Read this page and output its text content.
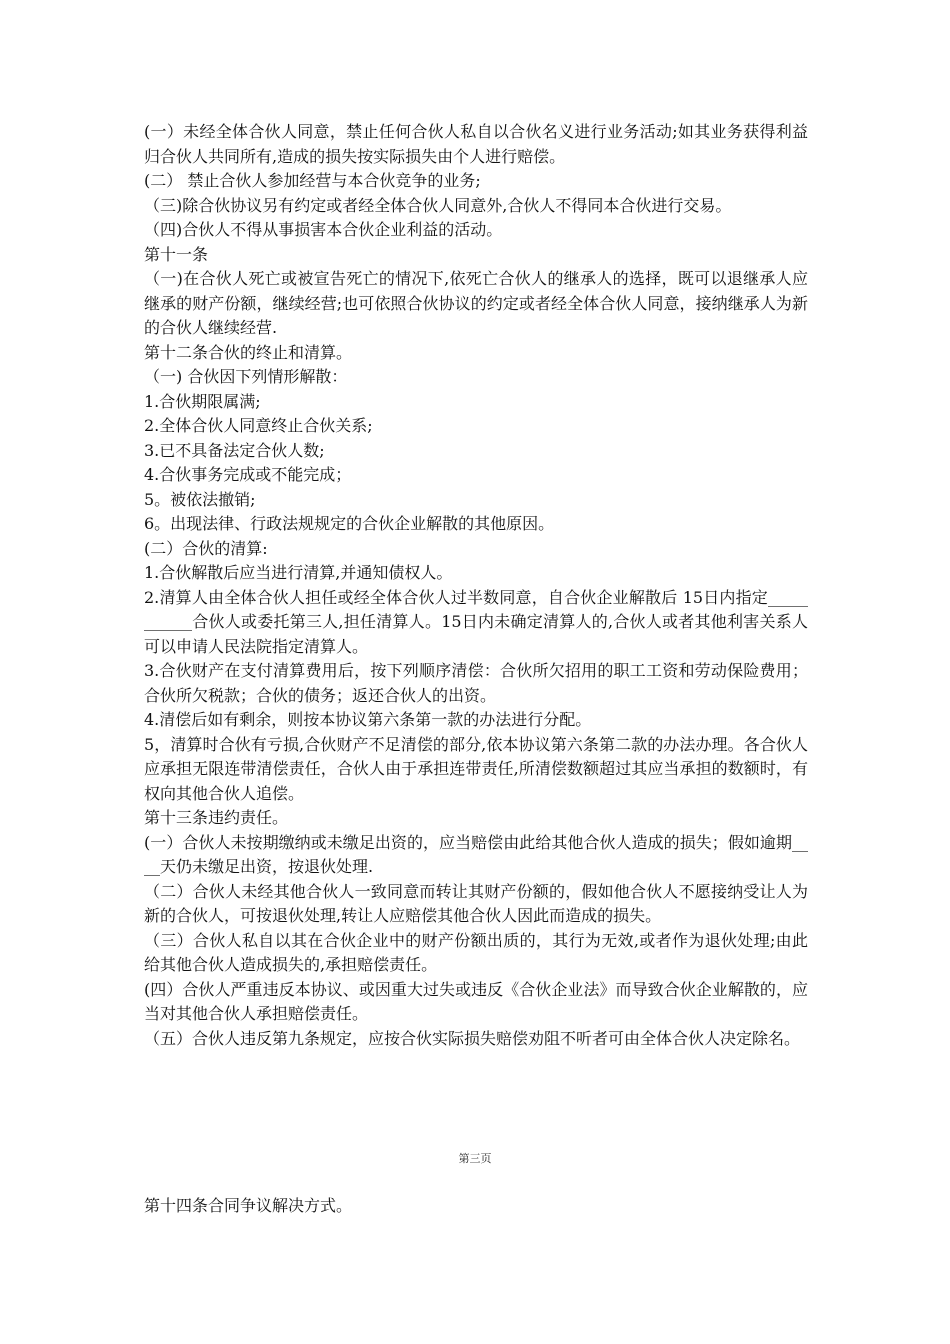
(一）未经全体合伙人同意，禁止任何合伙人私自以合伙名义进行业务活动;如其业务获得利益归合伙人共同所有,造成的损失按实际损失由个人进行赔偿。

(二） 禁止合伙人参加经营与本合伙竞争的业务;

（三)除合伙协议另有约定或者经全体合伙人同意外,合伙人不得同本合伙进行交易。

（四)合伙人不得从事损害本合伙企业利益的活动。

第十一条

（一)在合伙人死亡或被宣告死亡的情况下,依死亡合伙人的继承人的选择，既可以退继承人应继承的财产份额，继续经营;也可依照合伙协议的约定或者经全体合伙人同意，接纳继承人为新的合伙人继续经营.

第十二条合伙的终止和清算。

（一) 合伙因下列情形解散：

1.合伙期限属满;

2.全体合伙人同意终止合伙关系;

3.已不具备法定合伙人数;

4.合伙事务完成或不能完成；

5。被依法撤销;

6。出现法律、行政法规规定的合伙企业解散的其他原因。

(二）合伙的清算:

1.合伙解散后应当进行清算,并通知债权人。

2.清算人由全体合伙人担任或经全体合伙人过半数同意，自合伙企业解散后 15日内指定___________合伙人或委托第三人,担任清算人。15日内未确定清算人的,合伙人或者其他利害关系人可以申请人民法院指定清算人。

3.合伙财产在支付清算费用后，按下列顺序清偿：合伙所欠招用的职工工资和劳动保险费用；合伙所欠税款；合伙的债务；返还合伙人的出资。

4.清偿后如有剩余，则按本协议第六条第一款的办法进行分配。

5，清算时合伙有亏损,合伙财产不足清偿的部分,依本协议第六条第二款的办法办理。各合伙人应承担无限连带清偿责任，合伙人由于承担连带责任,所清偿数额超过其应当承担的数额时，有权向其他合伙人追偿。

第十三条违约责任。

(一）合伙人未按期缴纳或未缴足出资的，应当赔偿由此给其他合伙人造成的损失；假如逾期____天仍未缴足出资，按退伙处理.

（二）合伙人未经其他合伙人一致同意而转让其财产份额的，假如他合伙人不愿接纳受让人为新的合伙人，可按退伙处理,转让人应赔偿其他合伙人因此而造成的损失。

（三）合伙人私自以其在合伙企业中的财产份额出质的，其行为无效,或者作为退伙处理;由此给其他合伙人造成损失的,承担赔偿责任。

(四）合伙人严重违反本协议、或因重大过失或违反《合伙企业法》而导致合伙企业解散的，应当对其他合伙人承担赔偿责任。

（五）合伙人违反第九条规定，应按合伙实际损失赔偿劝阻不听者可由全体合伙人决定除名。

第三页
第十四条合同争议解决方式。
